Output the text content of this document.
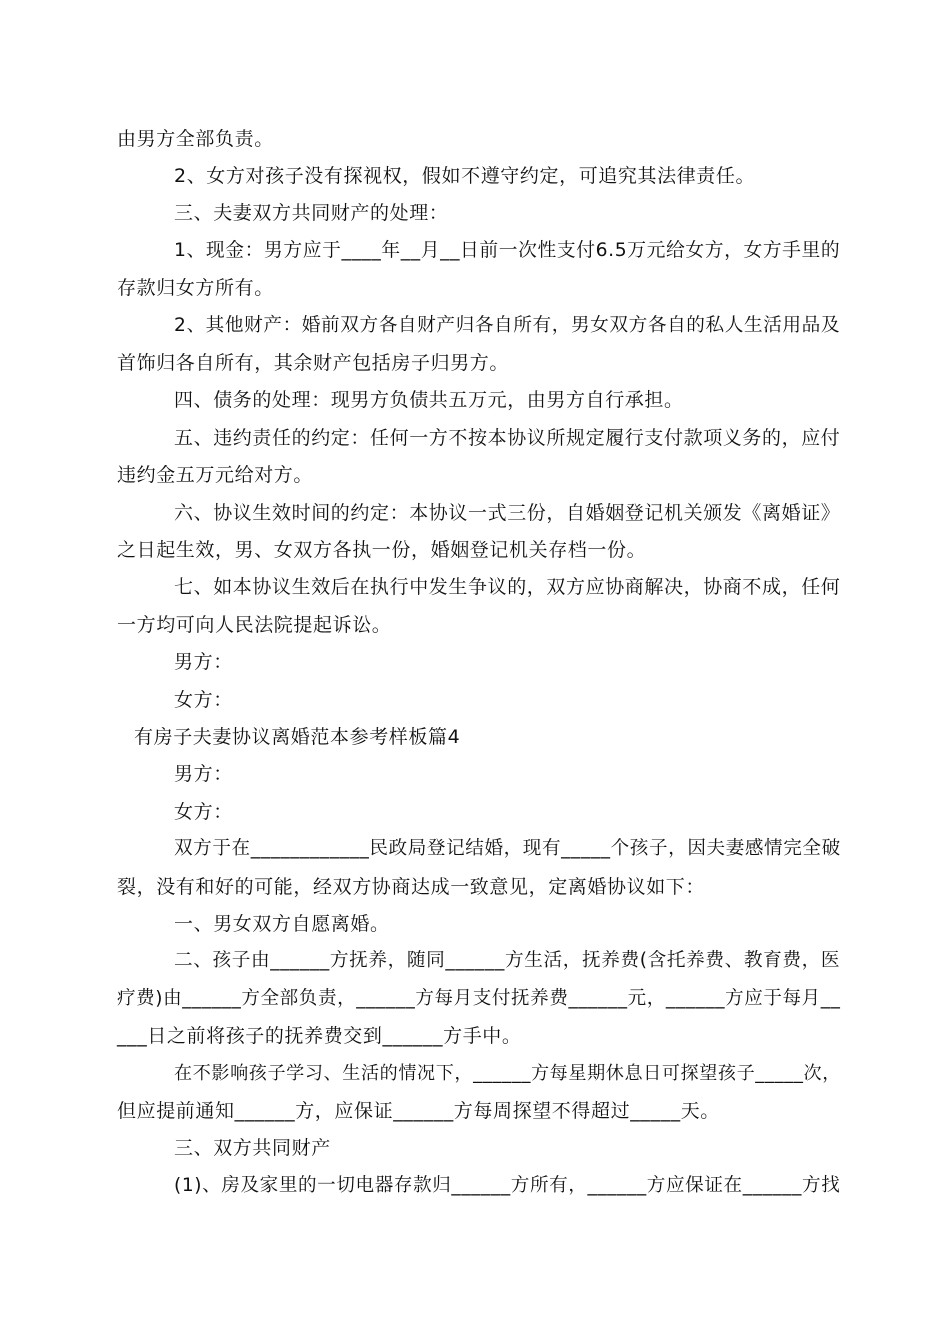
由男方全部负责。
2、女方对孩子没有探视权，假如不遵守约定，可追究其法律责任。
三、夫妻双方共同财产的处理：
1、现金：男方应于____年__月__日前一次性支付6.5万元给女方，女方手里的
存款归女方所有。
2、其他财产：婚前双方各自财产归各自所有，男女双方各自的私人生活用品及
首饰归各自所有，其余财产包括房子归男方。
四、债务的处理：现男方负债共五万元，由男方自行承担。
五、违约责任的约定：任何一方不按本协议所规定履行支付款项义务的，应付
违约金五万元给对方。
六、协议生效时间的约定：本协议一式三份，自婚姻登记机关颁发《离婚证》
之日起生效，男、女双方各执一份，婚姻登记机关存档一份。
七、如本协议生效后在执行中发生争议的，双方应协商解决，协商不成，任何
一方均可向人民法院提起诉讼。
男方：
女方：
有房子夫妻协议离婚范本参考样板篇4
男方：
女方：
双方于在____________民政局登记结婚，现有_____个孩子，因夫妻感情完全破
裂，没有和好的可能，经双方协商达成一致意见，定离婚协议如下：
一、男女双方自愿离婚。
二、孩子由______方抚养，随同______方生活，抚养费(含托养费、教育费，医
疗费)由______方全部负责，______方每月支付抚养费______元，______方应于每月__
___日之前将孩子的抚养费交到______方手中。
在不影响孩子学习、生活的情况下，______方每星期休息日可探望孩子_____次，
但应提前通知______方，应保证______方每周探望不得超过_____天。
三、双方共同财产
(1)、房及家里的一切电器存款归______方所有，______方应保证在______方找
